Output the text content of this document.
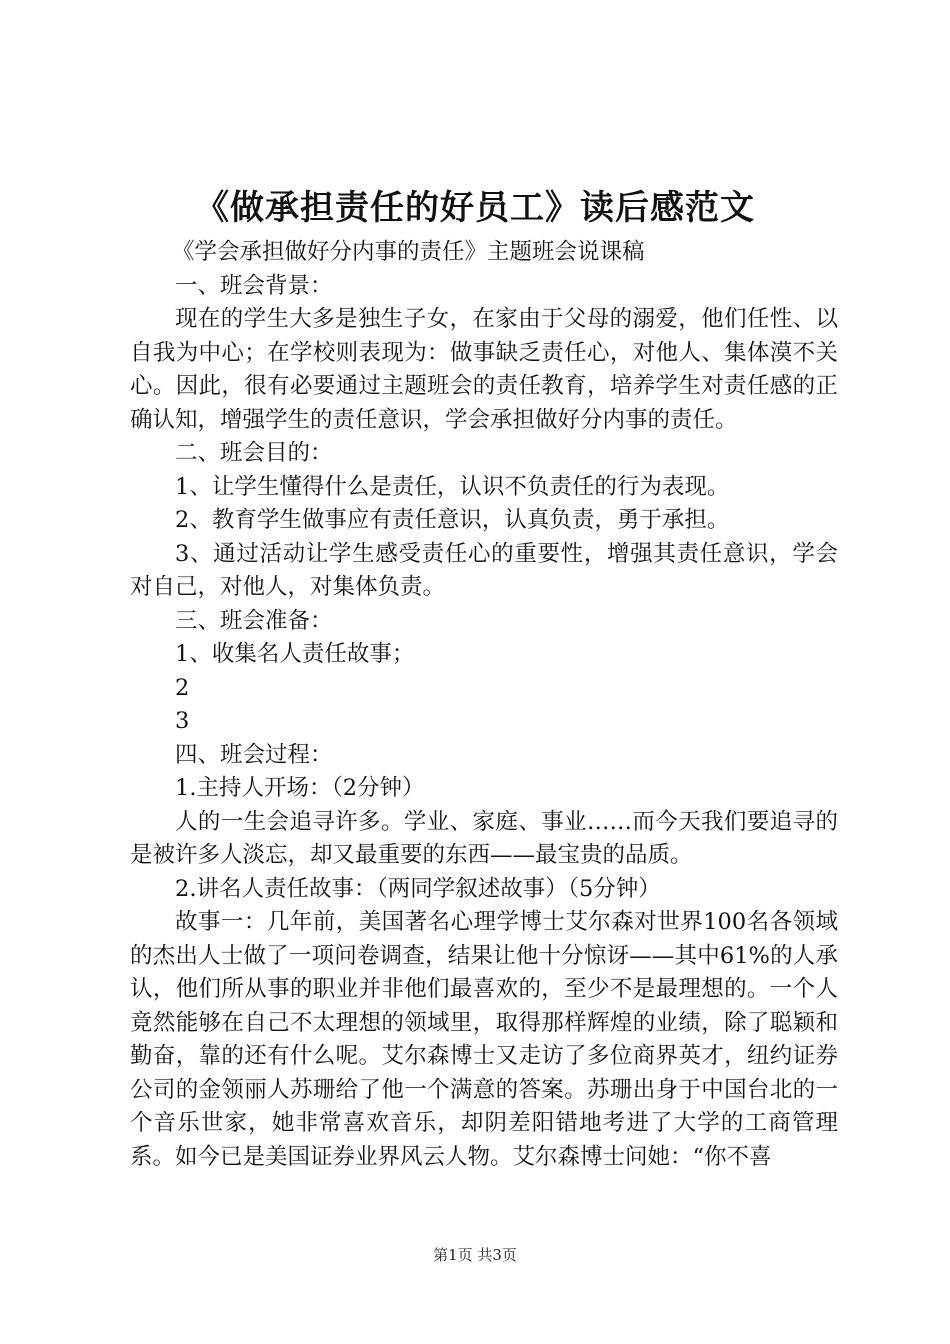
《做承担责任的好员工》读后感范文

《学会承担做好分内事的责任》主题班会说课稿

一、班会背景：

现在的学生大多是独生子女，在家由于父母的溺爱，他们任性、以自我为中心；在学校则表现为：做事缺乏责任心，对他人、集体漠不关心。因此，很有必要通过主题班会的责任教育，培养学生对责任感的正确认知，增强学生的责任意识，学会承担做好分内事的责任。

二、班会目的：

1、让学生懂得什么是责任，认识不负责任的行为表现。

2、教育学生做事应有责任意识，认真负责，勇于承担。

3、通过活动让学生感受责任心的重要性，增强其责任意识，学会对自己，对他人，对集体负责。

三、班会准备：

1、收集名人责任故事；

2

3

四、班会过程：

1.主持人开场：（2分钟）

人的一生会追寻许多。学业、家庭、事业……而今天我们要追寻的是被许多人淡忘，却又最重要的东西——最宝贵的品质。

2.讲名人责任故事：（两同学叙述故事）（5分钟）

故事一：几年前，美国著名心理学博士艾尔森对世界100名各领域的杰出人士做了一项问卷调查，结果让他十分惊讶——其中61%的人承认，他们所从事的职业并非他们最喜欢的，至少不是最理想的。一个人竟然能够在自己不太理想的领域里，取得那样辉煌的业绩，除了聪颖和勤奋，靠的还有什么呢。艾尔森博士又走访了多位商界英才，纽约证券公司的金领丽人苏珊给了他一个满意的答案。苏珊出身于中国台北的一个音乐世家，她非常喜欢音乐，却阴差阳错地考进了大学的工商管理系。如今已是美国证券业界风云人物。艾尔森博士问她：“你不喜

第1页 共3页
